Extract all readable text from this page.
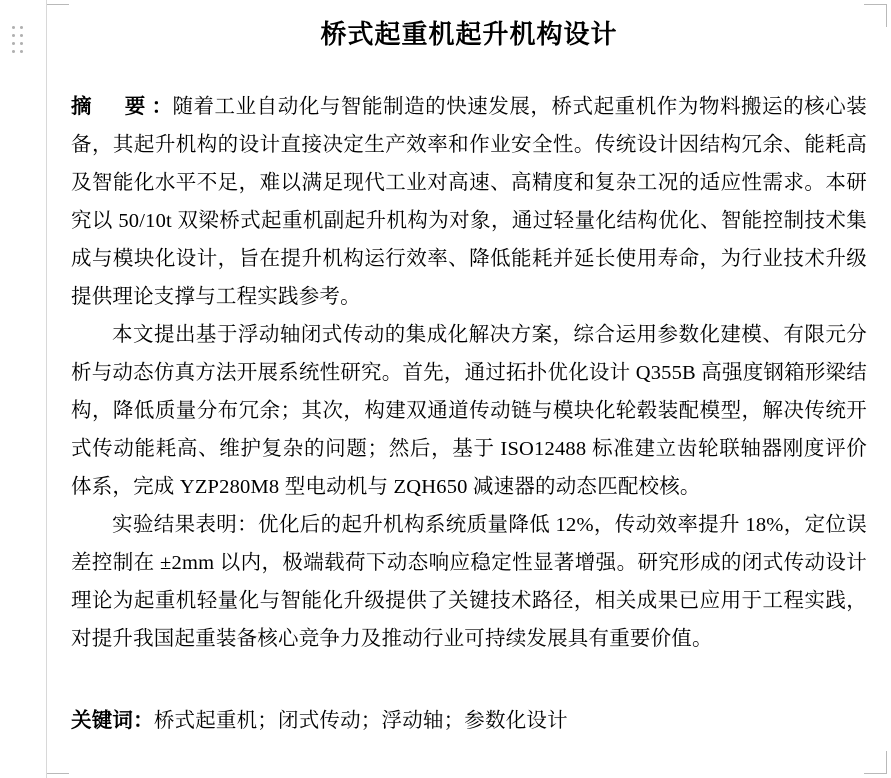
桥式起重机起升机构设计

摘　要：随着工业自动化与智能制造的快速发展，桥式起重机作为物料搬运的核心装备，其起升机构的设计直接决定生产效率和作业安全性。传统设计因结构冗余、能耗高及智能化水平不足，难以满足现代工业对高速、高精度和复杂工况的适应性需求。本研究以 50/10t 双梁桥式起重机副起升机构为对象，通过轻量化结构优化、智能控制技术集成与模块化设计，旨在提升机构运行效率、降低能耗并延长使用寿命，为行业技术升级提供理论支撑与工程实践参考。

本文提出基于浮动轴闭式传动的集成化解决方案，综合运用参数化建模、有限元分析与动态仿真方法开展系统性研究。首先，通过拓扑优化设计 Q355B 高强度钢箱形梁结构，降低质量分布冗余；其次，构建双通道传动链与模块化轮毂装配模型，解决传统开式传动能耗高、维护复杂的问题；然后，基于 ISO12488 标准建立齿轮联轴器刚度评价体系，完成 YZP280M8 型电动机与 ZQH650 减速器的动态匹配校核。

实验结果表明：优化后的起升机构系统质量降低 12%，传动效率提升 18%，定位误差控制在 ±2mm 以内，极端载荷下动态响应稳定性显著增强。研究形成的闭式传动设计理论为起重机轻量化与智能化升级提供了关键技术路径，相关成果已应用于工程实践，对提升我国起重装备核心竞争力及推动行业可持续发展具有重要价值。

关键词：桥式起重机；闭式传动；浮动轴；参数化设计
